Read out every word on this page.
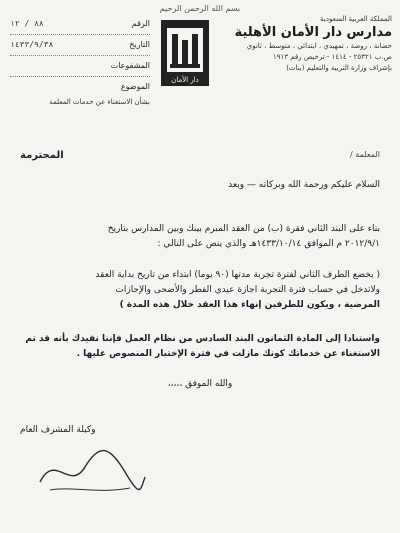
بسم الله الرحمن الرحيم
المملكة العربية السعودية
مدارس دار الأمان الأهلية
حضانة ، روضة ، تمهيدي ، ابتدائي ، متوسط ، ثانوي
ص.ب ٢٥٣٢١ - ١٤١٤ - ترخيص رقم ١٩١٣
بإشراف وزارة التربية والتعليم (بنات)
دار الأمان
الرقم
٨٨ / ١٢
التاريخ
١٤٣٣/٩/٣٨
المشفوعات
الموضوع
بشأن الاستغناء عن خدمات المعلمة
المعلمة /
المحترمة
السلام عليكم ورحمة الله وبركاته — وبعد
بناء على البند الثاني فقرة (ب) من العقد المبرم بينك وبين المدارس بتاريخ
٢٠١٢/٩/١ م الموافق ١٤٣٣/١٠/١٤هـ والذي ينص على التالي :
( يخضع الطرف الثاني لفترة تجربة مدتها (٩٠ يوما) ابتداء من تاريخ بداية العقد
ولاتدخل في حساب فترة التجربة اجازة عيدي الفطر والأضحى والإجازات
المرضية ، ويكون للطرفين إنهاء هذا العقد خلال هذه المدة )
واستنادا إلى المادة الثمانون البند السادس من نظام العمل فإننا نفيدك بأنه قد تم
الاستغناء عن خدماتك كونك مازلت في فترة الإختبار المنصوص عليها .
والله الموفق ،،،،،
وكيلة المشرف العام
